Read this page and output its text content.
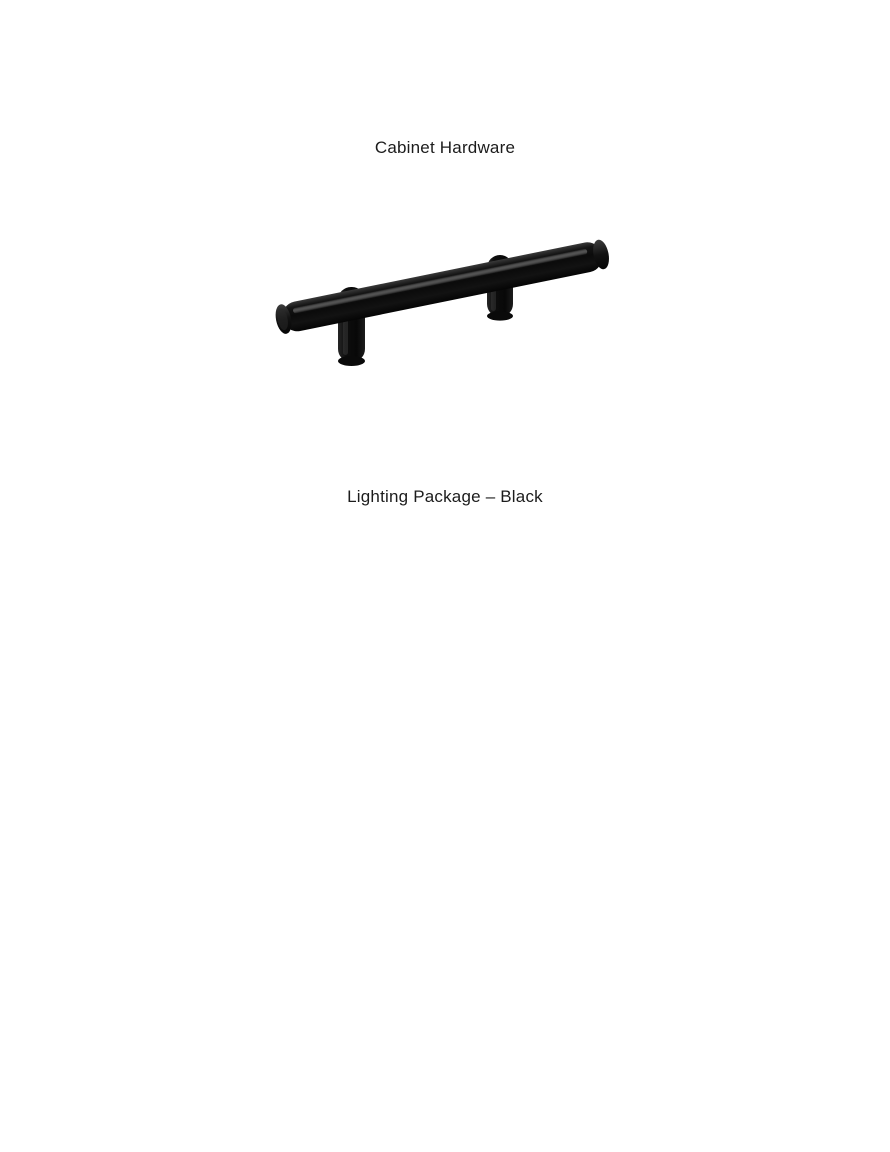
Cabinet Hardware
Lighting Package – Black
